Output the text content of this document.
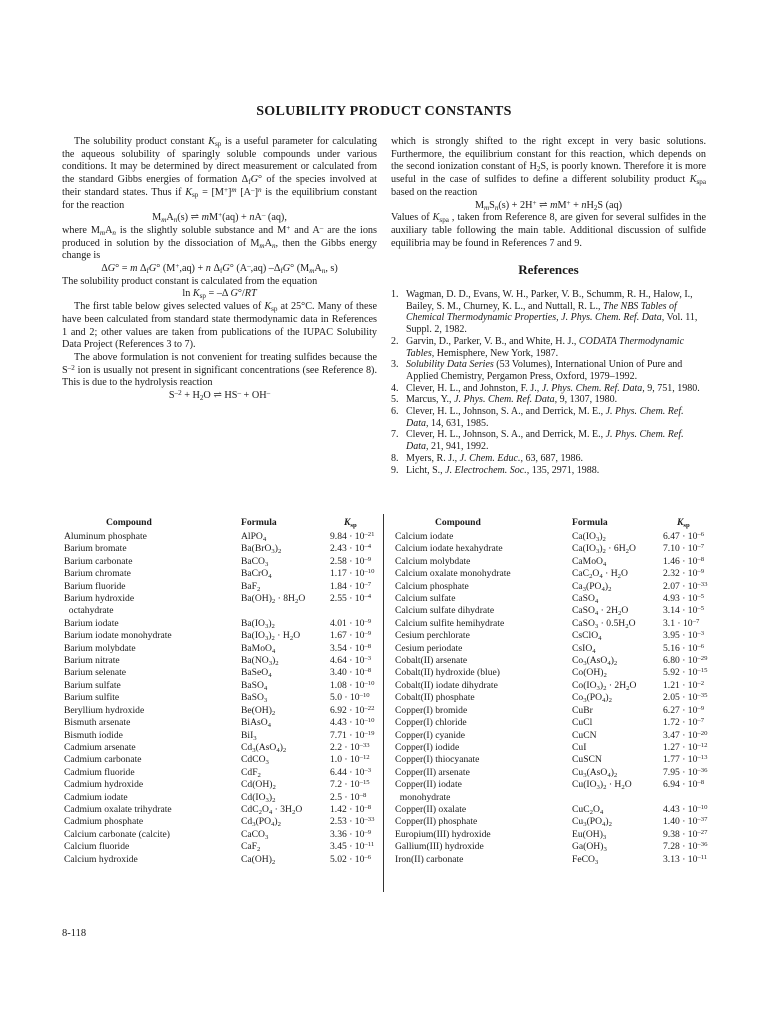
SOLUBILITY PRODUCT CONSTANTS

The solubility product constant $K_{sp}$ is a useful parameter for calculating the aqueous solubility of sparingly soluble compounds under various conditions. It may be determined by direct measurement or calculated from the standard Gibbs energies of formation $\Delta_fG^\circ$ of the species involved at their standard states. Thus if $K_{sp} = [M^+]^m$ $[A^-]^n$ is the equilibrium constant for the reaction

$M_mA_n(s)$ ⇌ mM+(aq) + nA– (aq),

where $M_mA_n$ is the slightly soluble substance and M+ and A– are the ions produced in solution by the dissociation of $M_mA_n$, then the Gibbs energy change is

ΔG° = m $\Delta_fG^\circ$ (M+,aq) + n $\Delta_fG^\circ$ (A–,aq) $-\Delta_fG^\circ$ ($M_mA_n$, s)

The solubility product constant is calculated from the equation

$\ln K_{sp} = -\Delta$ G°/RT

The first table below gives selected values of $K_{sp}$ at 25°C. Many of these have been calculated from standard state thermodynamic data in References 1 and 2; other values are taken from publications of the IUPAC Solubility Data Project (References 3 to 7).

The above formulation is not convenient for treating sulfides because the $S^{-2}$ ion is usually not present in significant concentrations (see Reference 8). This is due to the hydrolysis reaction

$S^{-2} + H_2O$ ⇌ HS– + OH–

which is strongly shifted to the right except in very basic solutions. Furthermore, the equilibrium constant for this reaction, which depends on the second ionization constant of $H_2S$, is poorly known. Therefore it is more useful in the case of sulfides to define a different solubility product $K_{spa}$ based on the reaction

$M_mS_n(s) + 2H^+$ ⇌ $mM^+ + nH_2S$ (aq)

Values of $K_{spa}$ , taken from Reference 8, are given for several sulfides in the auxiliary table following the main table. Additional discussion of sulfide equilibria may be found in References 7 and 9.

References
1. Wagman, D. D., Evans, W. H., Parker, V. B., Schumm, R. H., Halow, I., Bailey, S. M., Churney, K. L., and Nuttall, R. L., The NBS Tables of Chemical Thermodynamic Properties, J. Phys. Chem. Ref. Data, Vol. 11, Suppl. 2, 1982.
2. Garvin, D., Parker, V. B., and White, H. J., CODATA Thermodynamic Tables, Hemisphere, New York, 1987.
3. Solubility Data Series (53 Volumes), International Union of Pure and Applied Chemistry, Pergamon Press, Oxford, 1979–1992.
4. Clever, H. L., and Johnston, F. J., J. Phys. Chem. Ref. Data, 9, 751, 1980.
5. Marcus, Y., J. Phys. Chem. Ref. Data, 9, 1307, 1980.
6. Clever, H. L., Johnson, S. A., and Derrick, M. E., J. Phys. Chem. Ref. Data, 14, 631, 1985.
7. Clever, H. L., Johnson, S. A., and Derrick, M. E., J. Phys. Chem. Ref. Data, 21, 941, 1992.
8. Myers, R. J., J. Chem. Educ., 63, 687, 1986.
9. Licht, S., J. Electrochem. Soc., 135, 2971, 1988.
Compound	Formula	$K_{sp}$
Aluminum phosphate	AlPO$_4$	$9.84 \cdot 10^{-21}$
Barium bromate	$Ba(BrO_3)_2$	$2.43 \cdot 10^{-4}$
Barium carbonate	BaCO$_3$	$2.58 \cdot 10^{-9}$
Barium chromate	BaCrO$_4$	$1.17 \cdot 10^{-10}$
Barium fluoride	BaF$_2$	$1.84 \cdot 10^{-7}$
Barium hydroxide
octahydrate	$Ba(OH)_2 \cdot 8H_2O$	$2.55 \cdot 10^{-4}$
Barium iodate	$Ba(IO_3)_2$	$4.01 \cdot 10^{-9}$
Barium iodate monohydrate	$Ba(IO_3)_2 \cdot H_2O$	$1.67 \cdot 10^{-9}$
Barium molybdate	BaMoO$_4$	$3.54 \cdot 10^{-8}$
Barium nitrate	$Ba(NO_3)_2$	$4.64 \cdot 10^{-3}$
Barium selenate	BaSeO$_4$	$3.40 \cdot 10^{-8}$
Barium sulfate	BaSO$_4$	$1.08 \cdot 10^{-10}$
Barium sulfite	BaSO$_3$	$5.0 \cdot 10^{-10}$
Beryllium hydroxide	$Be(OH)_2$	$6.92 \cdot 10^{-22}$
Bismuth arsenate	BiAsO$_4$	$4.43 \cdot 10^{-10}$
Bismuth iodide	BiI$_3$	$7.71 \cdot 10^{-19}$
Cadmium arsenate	$Cd_3(AsO_4)_2$	$2.2 \cdot 10^{-33}$
Cadmium carbonate	CdCO$_3$	$1.0 \cdot 10^{-12}$
Cadmium fluoride	CdF$_2$	$6.44 \cdot 10^{-3}$
Cadmium hydroxide	$Cd(OH)_2$	$7.2 \cdot 10^{-15}$
Cadmium iodate	$Cd(IO_3)_2$	$2.5 \cdot 10^{-8}$
Cadmium oxalate trihydrate	$CdC_2O_4 \cdot 3H_2O$	$1.42 \cdot 10^{-8}$
Cadmium phosphate	$Cd_3(PO_4)_2$	$2.53 \cdot 10^{-33}$
Calcium carbonate (calcite)	CaCO$_3$	$3.36 \cdot 10^{-9}$
Calcium fluoride	CaF$_2$	$3.45 \cdot 10^{-11}$
Calcium hydroxide	$Ca(OH)_2$	$5.02 \cdot 10^{-6}$
Compound	Formula	$K_{sp}$
Calcium iodate	$Ca(IO_3)_2$	$6.47 \cdot 10^{-6}$
Calcium iodate hexahydrate	$Ca(IO_3)_2 \cdot 6H_2O$	$7.10 \cdot 10^{-7}$
Calcium molybdate	CaMoO$_4$	$1.46 \cdot 10^{-8}$
Calcium oxalate monohydrate	$CaC_2O_4 \cdot H_2O$	$2.32 \cdot 10^{-9}$
Calcium phosphate	$Ca_3(PO_4)_2$	$2.07 \cdot 10^{-33}$
Calcium sulfate	CaSO$_4$	$4.93 \cdot 10^{-5}$
Calcium sulfate dihydrate	CaSO$_4$ · $2H_2O$	$3.14 \cdot 10^{-5}$
Calcium sulfite hemihydrate	CaSO$_3$ · $0.5H_2O$	$3.1 \cdot 10^{-7}$
Cesium perchlorate	CsClO$_4$	$3.95 \cdot 10^{-3}$
Cesium periodate	CsIO$_4$	$5.16 \cdot 10^{-6}$
Cobalt(II) arsenate	$Co_3(AsO_4)_2$	$6.80 \cdot 10^{-29}$
Cobalt(II) hydroxide (blue)	$Co(OH)_2$	$5.92 \cdot 10^{-15}$
Cobalt(II) iodate dihydrate	$Co(IO_3)_2 \cdot 2H_2O$	$1.21 \cdot 10^{-2}$
Cobalt(II) phosphate	$Co_3(PO_4)_2$	$2.05 \cdot 10^{-35}$
Copper(I) bromide	CuBr	$6.27 \cdot 10^{-9}$
Copper(I) chloride	CuCl	$1.72 \cdot 10^{-7}$
Copper(I) cyanide	CuCN	$3.47 \cdot 10^{-20}$
Copper(I) iodide	CuI	$1.27 \cdot 10^{-12}$
Copper(I) thiocyanate	CuSCN	$1.77 \cdot 10^{-13}$
Copper(II) arsenate	$Cu_3(AsO_4)_2$	$7.95 \cdot 10^{-36}$
Copper(II) iodate
monohydrate	$Cu(IO_3)_2 \cdot H_2O$	$6.94 \cdot 10^{-8}$
Copper(II) oxalate	$CuC_2O_4$	$4.43 \cdot 10^{-10}$
Copper(II) phosphate	$Cu_3(PO_4)_2$	$1.40 \cdot 10^{-37}$
Europium(III) hydroxide	$Eu(OH)_3$	$9.38 \cdot 10^{-27}$
Gallium(III) hydroxide	$Ga(OH)_3$	$7.28 \cdot 10^{-36}$
Iron(II) carbonate	FeCO$_3$	$3.13 \cdot 10^{-11}$
8-118
